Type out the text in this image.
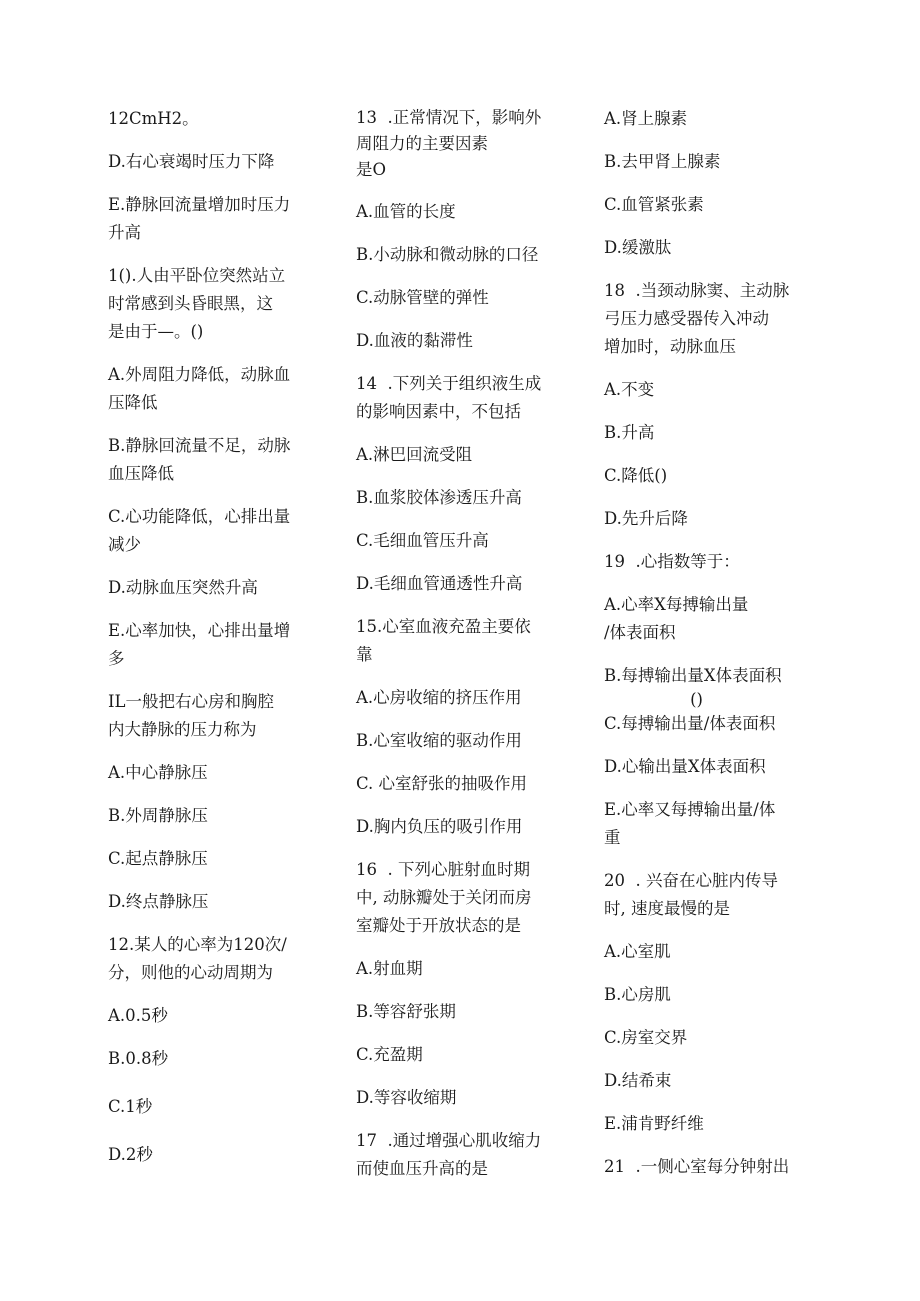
12CmH2。
D.右心衰竭时压力下降
E.静脉回流量增加时压力
升高
1().人由平卧位突然站立
时常感到头昏眼黑，这
是由于—。()
A.外周阻力降低，动脉血
压降低
B.静脉回流量不足，动脉
血压降低
C.心功能降低，心排出量
减少
D.动脉血压突然升高
E.心率加快，心排出量增
多
IL一般把右心房和胸腔
内大静脉的压力称为
A.中心静脉压
B.外周静脉压
C.起点静脉压
D.终点静脉压
12.某人的心率为120次/
分，则他的心动周期为
A.0.5秒
B.0.8秒
C.1秒
D.2秒
13  .正常情况下，影响外
周阻力的主要因素
是O
A.血管的长度
B.小动脉和微动脉的口径
C.动脉管壁的弹性
D.血液的黏滞性
14  .下列关于组织液生成
的影响因素中，不包括
A.淋巴回流受阻
B.血浆胶体渗透压升高
C.毛细血管压升高
D.毛细血管通透性升高
15.心室血液充盈主要依
靠
A.心房收缩的挤压作用
B.心室收缩的驱动作用
C. 心室舒张的抽吸作用
D.胸内负压的吸引作用
16  . 下列心脏射血时期
中, 动脉瓣处于关闭而房
室瓣处于开放状态的是
A.射血期
B.等容舒张期
C.充盈期
D.等容收缩期
17  .通过增强心肌收缩力
而使血压升高的是
A.肾上腺素
B.去甲肾上腺素
C.血管紧张素
D.缓激肽
18  .当颈动脉窦、主动脉
弓压力感受器传入冲动
增加时，动脉血压
A.不变
B.升高
C.降低()
D.先升后降
19  .心指数等于：
A.心率X每搏输出量
/体表面积
B.每搏输出量X体表面积
()
C.每搏输出量/体表面积
D.心输出量X体表面积
E.心率又每搏输出量/体
重
20  . 兴奋在心脏内传导
时, 速度最慢的是
A.心室肌
B.心房肌
C.房室交界
D.结希束
E.浦肯野纤维
21  .一侧心室每分钟射出
